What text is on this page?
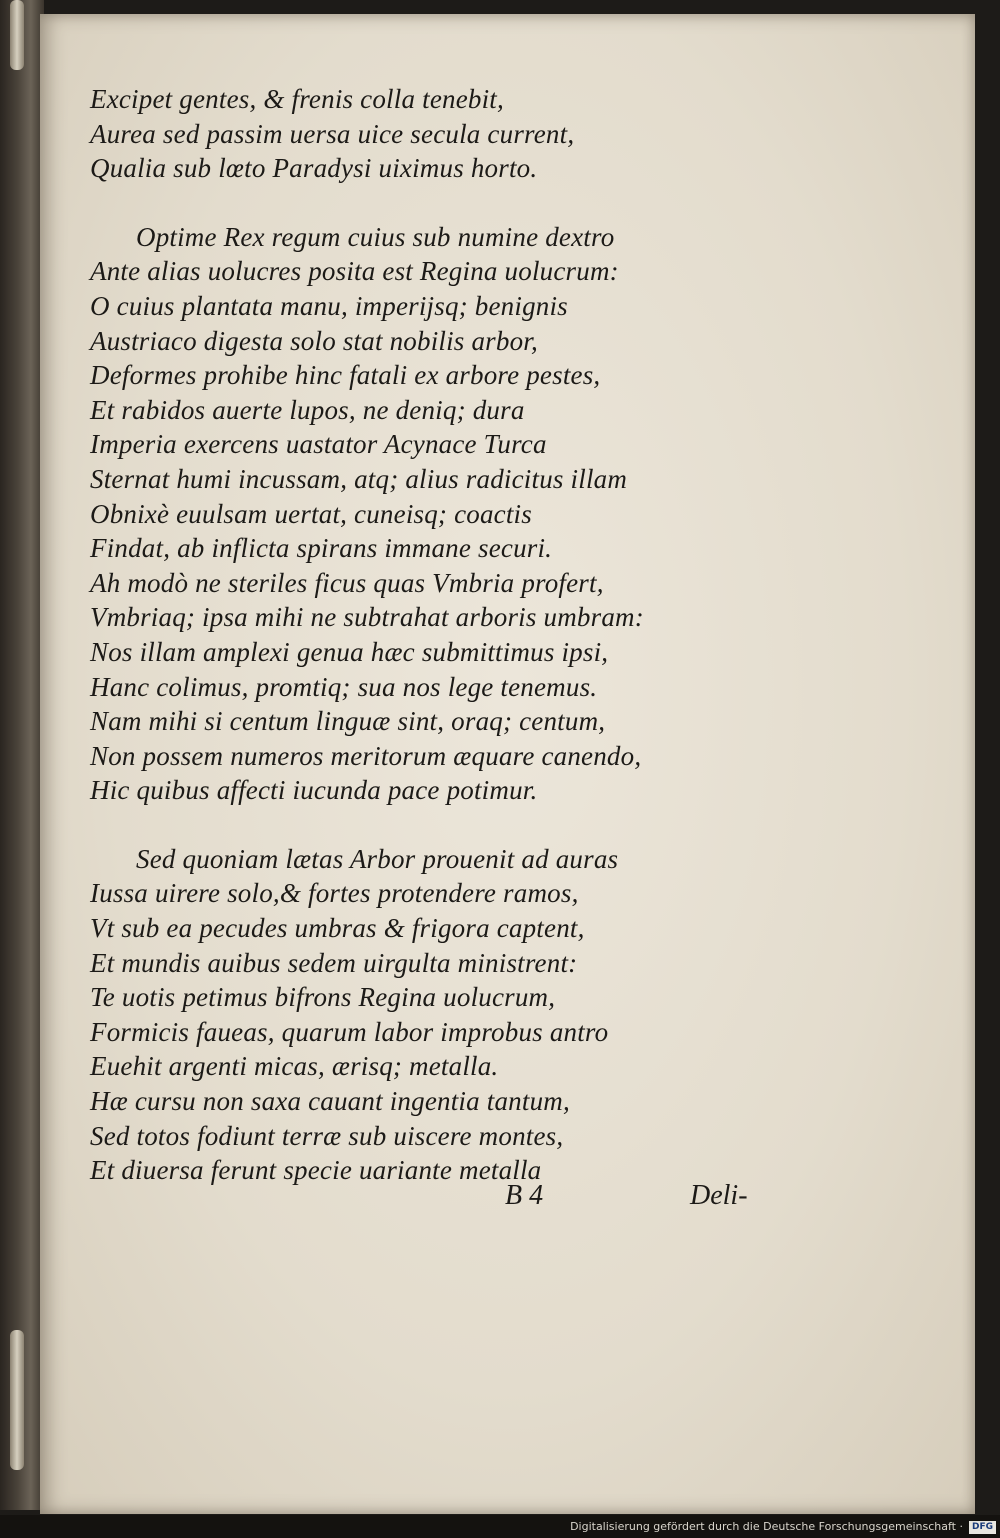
Excipet gentes, & frenis colla tenebit,
Aurea sed passim uersa uice secula current,
Qualia sub lœto Paradysi uiximus horto.
Optime Rex regum cuius sub numine dextro
Ante alias uolucres posita est Regina uolucrum:
O cuius plantata manu, imperijsq; benignis
Austriaco digesta solo stat nobilis arbor,
Deformes prohibe hinc fatali ex arbore pestes,
Et rabidos auerte lupos, ne deniq; dura
Imperia exercens uastator Acynace Turca
Sternat humi incussam, atq; alius radicitus illam
Obnixè euulsam uertat, cuneisq; coactis
Findat, ab inflicta spirans immane securi.
Ah modò ne steriles ficus quas Vmbria profert,
Vmbriaq; ipsa mihi ne subtrahat arboris umbram:
Nos illam amplexi genua hæc submittimus ipsi,
Hanc colimus, promtiq; sua nos lege tenemus.
Nam mihi si centum linguæ sint, oraq; centum,
Non possem numeros meritorum æquare canendo,
Hic quibus affecti iucunda pace potimur.
Sed quoniam lætas Arbor prouenit ad auras
Iussa uirere solo,& fortes protendere ramos,
Vt sub ea pecudes umbras & frigora captent,
Et mundis auibus sedem uirgulta ministrent:
Te uotis petimus bifrons Regina uolucrum,
Formicis faueas, quarum labor improbus antro
Euehit argenti micas, ærisq; metalla.
Hæ cursu non saxa cauant ingentia tantum,
Sed totos fodiunt terræ sub uiscere montes,
Et diuersa ferunt specie uariante metalla
B 4	Deli-
Digitalisierung gefördert durch die Deutsche Forschungsgemeinschaft · DFG
